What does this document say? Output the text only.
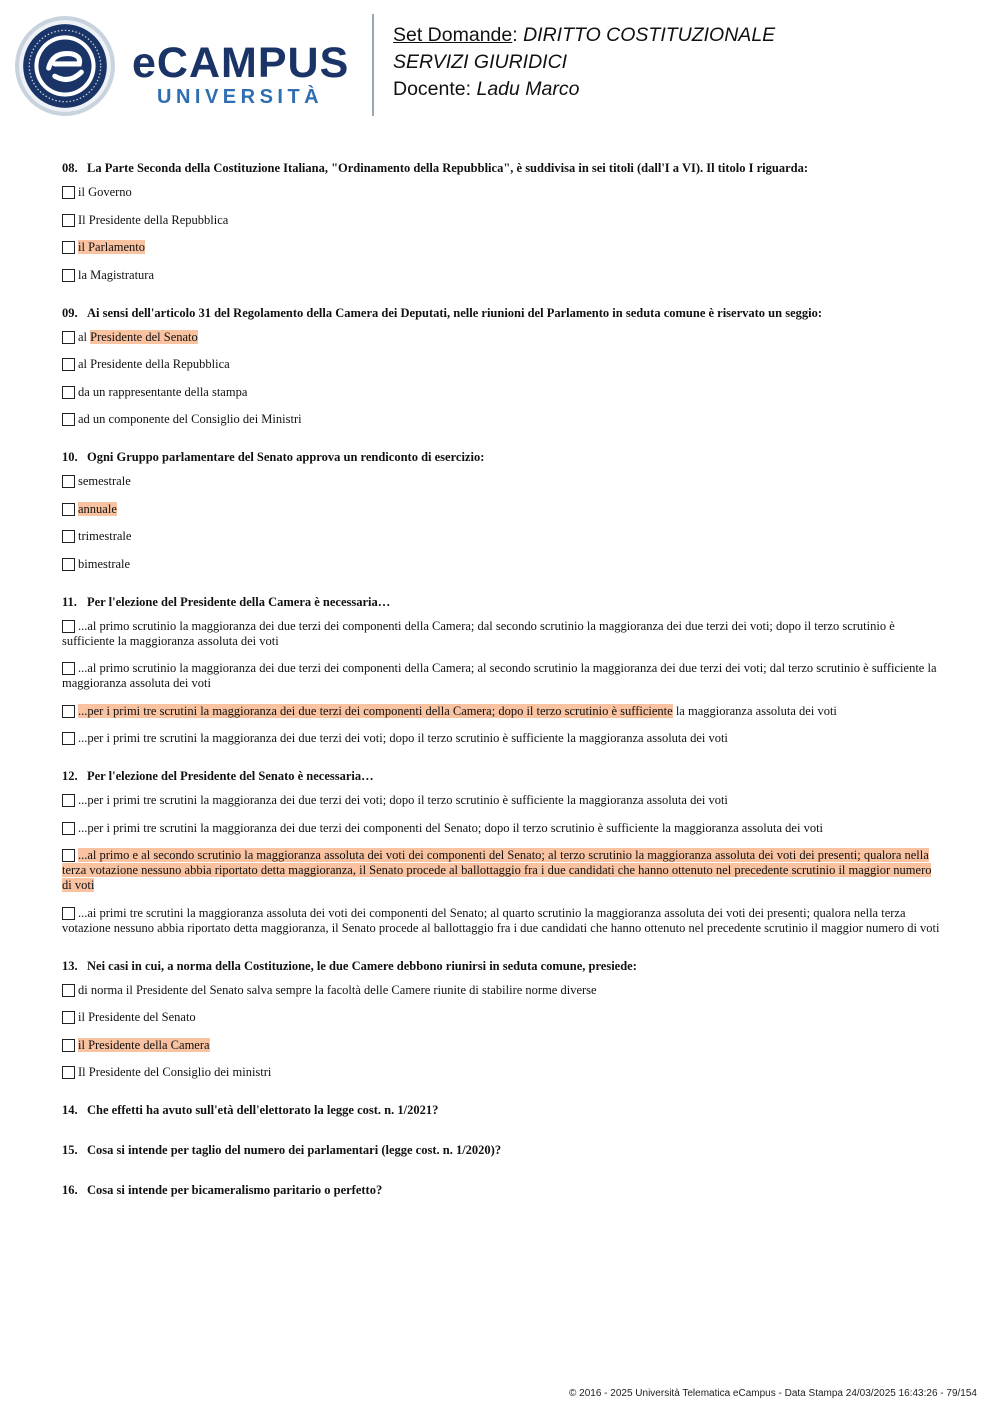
eCAMPUS
UNIVERSITÀ
Set Domande: DIRITTO COSTITUZIONALE
SERVIZI GIURIDICI
Docente: Ladu Marco
08. La Parte Seconda della Costituzione Italiana, "Ordinamento della Repubblica", è suddivisa in sei titoli (dall'I a VI). Il titolo I riguarda:
il Governo
Il Presidente della Repubblica
il Parlamento
la Magistratura
09. Ai sensi dell'articolo 31 del Regolamento della Camera dei Deputati, nelle riunioni del Parlamento in seduta comune è riservato un seggio:
al Presidente del Senato
al Presidente della Repubblica
da un rappresentante della stampa
ad un componente del Consiglio dei Ministri
10. Ogni Gruppo parlamentare del Senato approva un rendiconto di esercizio:
semestrale
annuale
trimestrale
bimestrale
11. Per l'elezione del Presidente della Camera è necessaria…
...al primo scrutinio la maggioranza dei due terzi dei componenti della Camera; dal secondo scrutinio la maggioranza dei due terzi dei voti; dopo il terzo scrutinio è sufficiente la maggioranza assoluta dei voti
...al primo scrutinio la maggioranza dei due terzi dei componenti della Camera; al secondo scrutinio la maggioranza dei due terzi dei voti; dal terzo scrutinio è sufficiente la maggioranza assoluta dei voti
...per i primi tre scrutini la maggioranza dei due terzi dei componenti della Camera; dopo il terzo scrutinio è sufficiente la maggioranza assoluta dei voti
...per i primi tre scrutini la maggioranza dei due terzi dei voti; dopo il terzo scrutinio è sufficiente la maggioranza assoluta dei voti
12. Per l'elezione del Presidente del Senato è necessaria…
...per i primi tre scrutini la maggioranza dei due terzi dei voti; dopo il terzo scrutinio è sufficiente la maggioranza assoluta dei voti
...per i primi tre scrutini la maggioranza dei due terzi dei componenti del Senato; dopo il terzo scrutinio è sufficiente la maggioranza assoluta dei voti
...al primo e al secondo scrutinio la maggioranza assoluta dei voti dei componenti del Senato; al terzo scrutinio la maggioranza assoluta dei voti dei presenti; qualora nella terza votazione nessuno abbia riportato detta maggioranza, il Senato procede al ballottaggio fra i due candidati che hanno ottenuto nel precedente scrutinio il maggior numero di voti
...ai primi tre scrutini la maggioranza assoluta dei voti dei componenti del Senato; al quarto scrutinio la maggioranza assoluta dei voti dei presenti; qualora nella terza votazione nessuno abbia riportato detta maggioranza, il Senato procede al ballottaggio fra i due candidati che hanno ottenuto nel precedente scrutinio il maggior numero di voti
13. Nei casi in cui, a norma della Costituzione, le due Camere debbono riunirsi in seduta comune, presiede:
di norma il Presidente del Senato salva sempre la facoltà delle Camere riunite di stabilire norme diverse
il Presidente del Senato
il Presidente della Camera
Il Presidente del Consiglio dei ministri
14. Che effetti ha avuto sull'età dell'elettorato la legge cost. n. 1/2021?
15. Cosa si intende per taglio del numero dei parlamentari (legge cost. n. 1/2020)?
16. Cosa si intende per bicameralismo paritario o perfetto?
© 2016 - 2025 Università Telematica eCampus - Data Stampa 24/03/2025 16:43:26 - 79/154
